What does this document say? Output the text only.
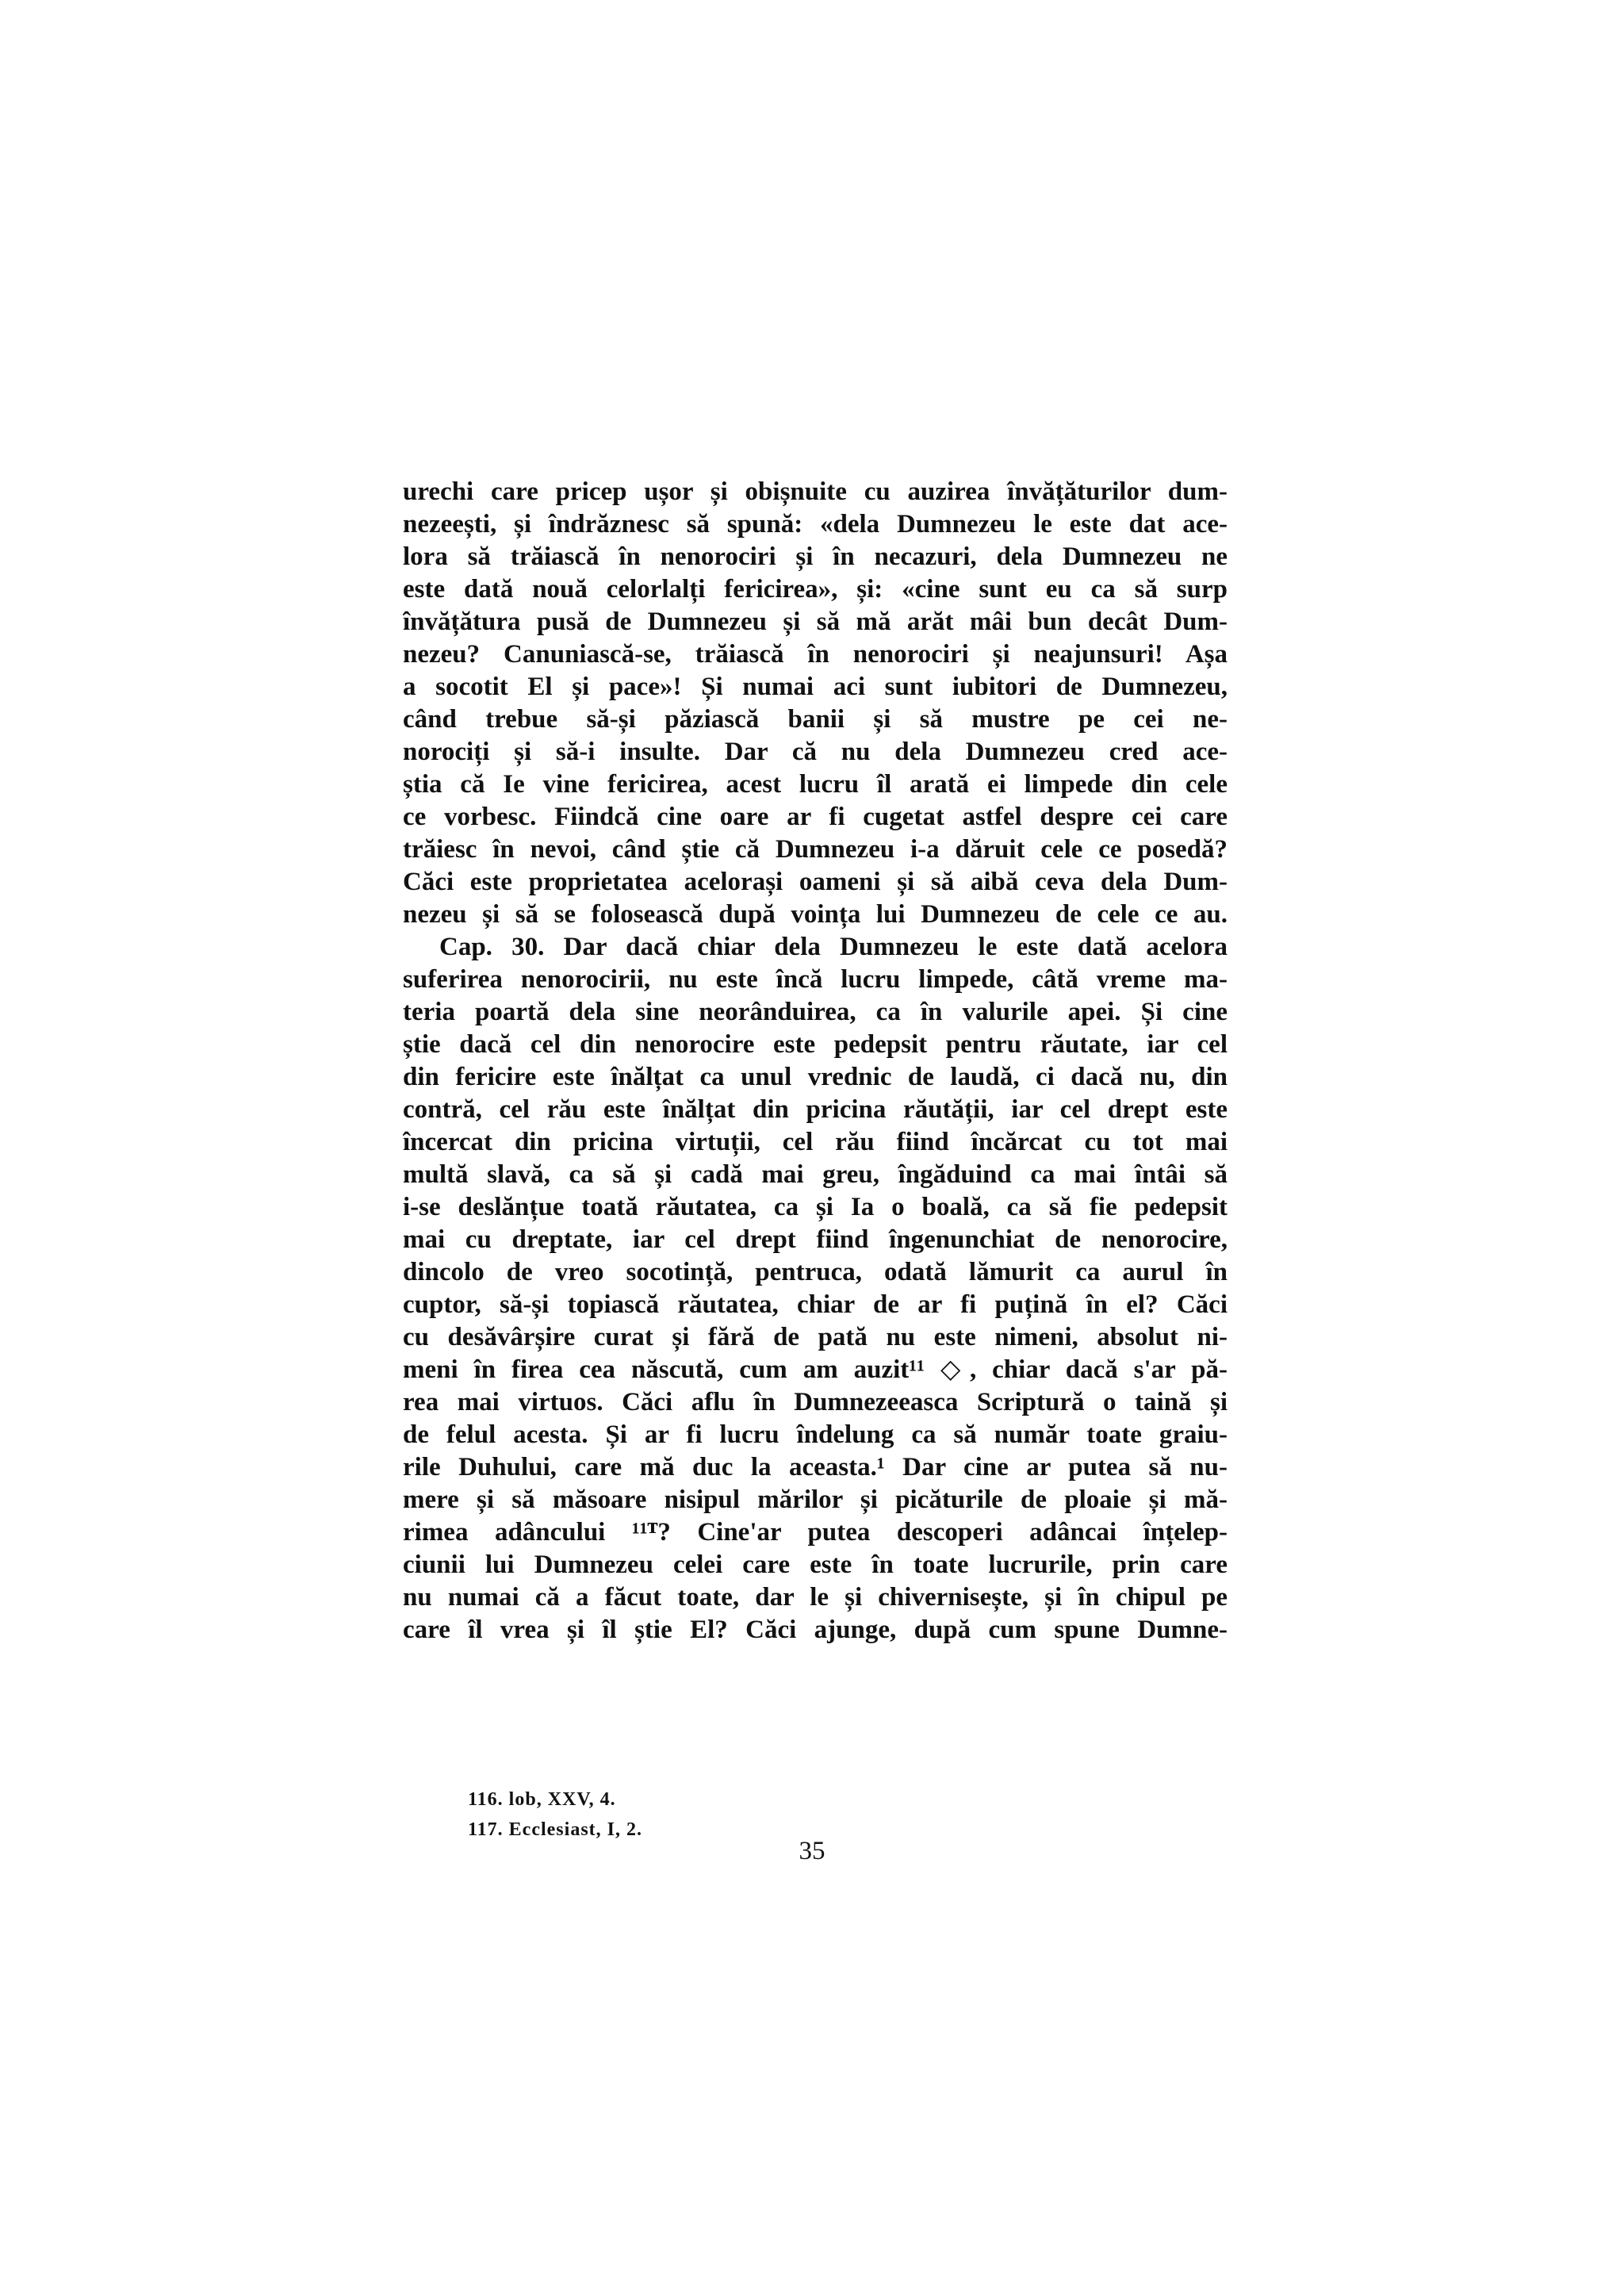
urechi care pricep ușor și obișnuite cu auzirea învățăturilor dum-
nezeești, și îndrăznesc să spună: «dela Dumnezeu le este dat ace-
lora să trăiască în nenorociri și în necazuri, dela Dumnezeu ne
este dată nouă celorlalți fericirea», și: «cine sunt eu ca să surp
învățătura pusă de Dumnezeu și să mă arăt mâi bun decât Dum-
nezeu? Canuniască-se, trăiască în nenorociri și neajunsuri! Așa
a socotit El și pace»! Și numai aci sunt iubitori de Dumnezeu,
când trebue să-și păziască banii și să mustre pe cei ne-
norociți și să-i insulte. Dar că nu dela Dumnezeu cred ace-
știa că Ie vine fericirea, acest lucru îl arată ei limpede din cele
ce vorbesc. Fiindcă cine oare ar fi cugetat astfel despre cei care
trăiesc în nevoi, când știe că Dumnezeu i-a dăruit cele ce posedă?
Căci este proprietatea acelorași oameni și să aibă ceva dela Dum-
nezeu și să se folosească după voința lui Dumnezeu de cele ce au.
Cap. 30. Dar dacă chiar dela Dumnezeu le este dată acelora
suferirea nenorocirii, nu este încă lucru limpede, câtă vreme ma-
teria poartă dela sine neorânduirea, ca în valurile apei. Și cine
știe dacă cel din nenorocire este pedepsit pentru răutate, iar cel
din fericire este înălțat ca unul vrednic de laudă, ci dacă nu, din
contră, cel rău este înălțat din pricina răutății, iar cel drept este
încercat din pricina virtuții, cel rău fiind încărcat cu tot mai
multă slavă, ca să și cadă mai greu, îngăduind ca mai întâi să
i-se deslănțue toată răutatea, ca și Ia o boală, ca să fie pedepsit
mai cu dreptate, iar cel drept fiind îngenunchiat de nenorocire,
dincolo de vreo socotință, pentruca, odată lămurit ca aurul în
cuptor, să-și topiască răutatea, chiar de ar fi puțină în el? Căci
cu desăvârșire curat și fără de pată nu este nimeni, absolut ni-
meni în firea cea născută, cum am auzit¹¹ ◇, chiar dacă s'ar pă-
rea mai virtuos. Căci aflu în Dumnezeeasca Scriptură o taină și
de felul acesta. Și ar fi lucru îndelung ca să număr toate graiu-
rile Duhului, care mă duc la aceasta.¹ Dar cine ar putea să nu-
mere și să măsoare nisipul mărilor și picăturile de ploaie și mă-
rimea adâncului ¹¹ᵀ? Cine'ar putea descoperi adâncai înțelep-
ciunii lui Dumnezeu celei care este în toate lucrurile, prin care
nu numai că a făcut toate, dar le și chivernisește, și în chipul pe
care îl vrea și îl știe El? Căci ajunge, după cum spune Dumne-
116. lob, XXV, 4.
117. Ecclesiast, I, 2.
35
